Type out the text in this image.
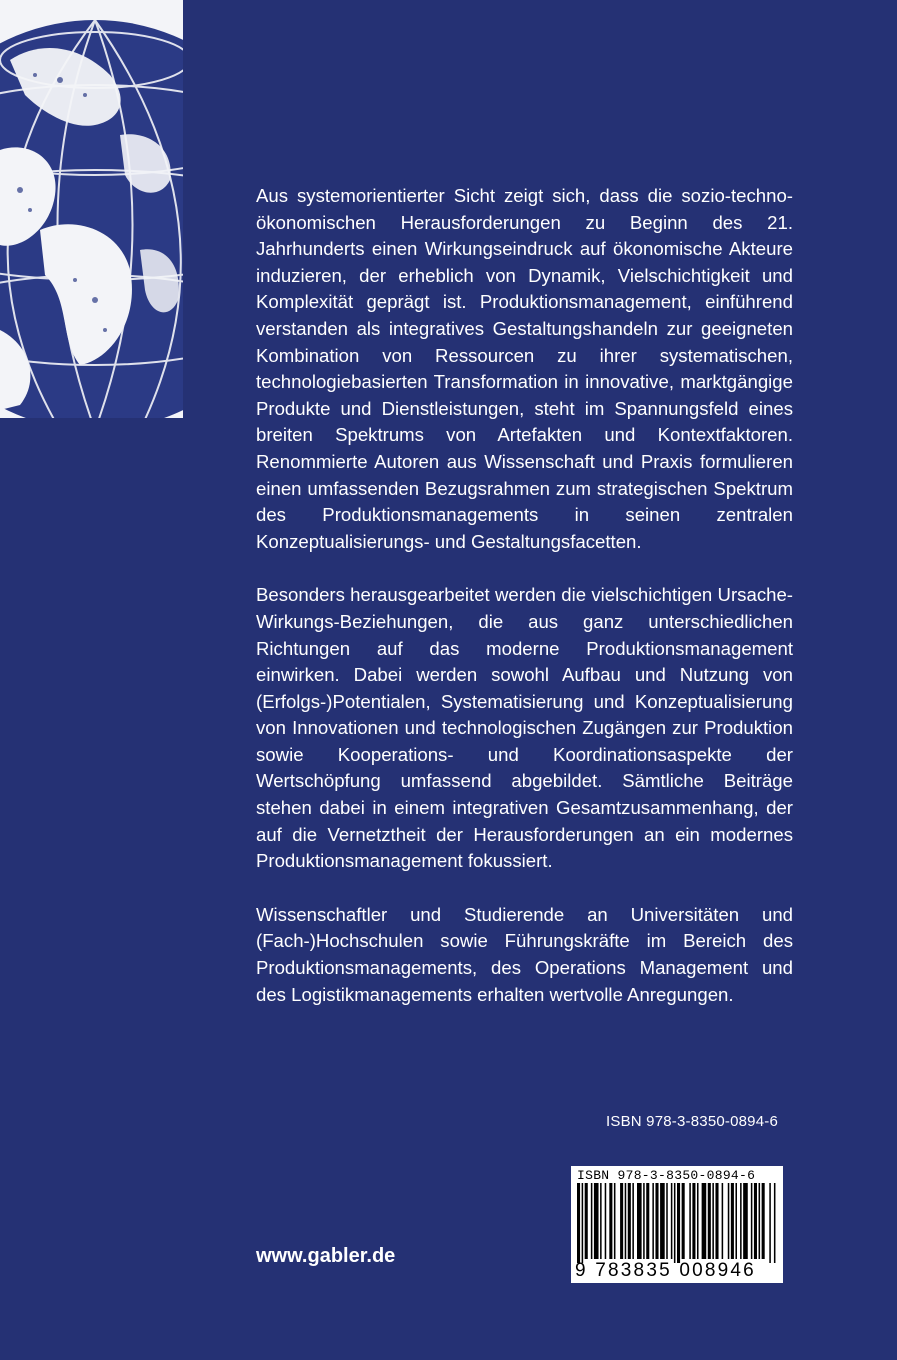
Aus systemorientierter Sicht zeigt sich, dass die sozio-techno-ökonomischen Herausforderungen zu Beginn des 21. Jahrhunderts einen Wirkungseindruck auf ökonomische Akteure induzieren, der erheblich von Dynamik, Vielschichtigkeit und Komplexität geprägt ist. Produktionsmanagement, einführend verstanden als integratives Gestaltungshandeln zur geeigneten Kombination von Ressourcen zu ihrer systematischen, technologiebasierten Transformation in innovative, marktgängige Produkte und Dienstleistungen, steht im Spannungsfeld eines breiten Spektrums von Artefakten und Kontextfaktoren. Renommierte Autoren aus Wissenschaft und Praxis formulieren einen umfassenden Bezugsrahmen zum strategischen Spektrum des Produktionsmanagements in seinen zentralen Konzeptualisierungs- und Gestaltungsfacetten.

Besonders herausgearbeitet werden die vielschichtigen Ursache-Wirkungs-Beziehungen, die aus ganz unterschiedlichen Richtungen auf das moderne Produktionsmanagement einwirken. Dabei werden sowohl Aufbau und Nutzung von (Erfolgs-)Potentialen, Systematisierung und Konzeptualisierung von Innovationen und technologischen Zugängen zur Produktion sowie Kooperations- und Koordinationsaspekte der Wertschöpfung umfassend abgebildet. Sämtliche Beiträge stehen dabei in einem integrativen Gesamtzusammenhang, der auf die Vernetztheit der Herausforderungen an ein modernes Produktionsmanagement fokussiert.

Wissenschaftler und Studierende an Universitäten und (Fach-)Hochschulen sowie Führungskräfte im Bereich des Produktionsmanagements, des Operations Management und des Logistikmanagements erhalten wertvolle Anregungen.

ISBN 978-3-8350-0894-6
ISBN 978-3-8350-0894-6
9 783835 008946
www.gabler.de
